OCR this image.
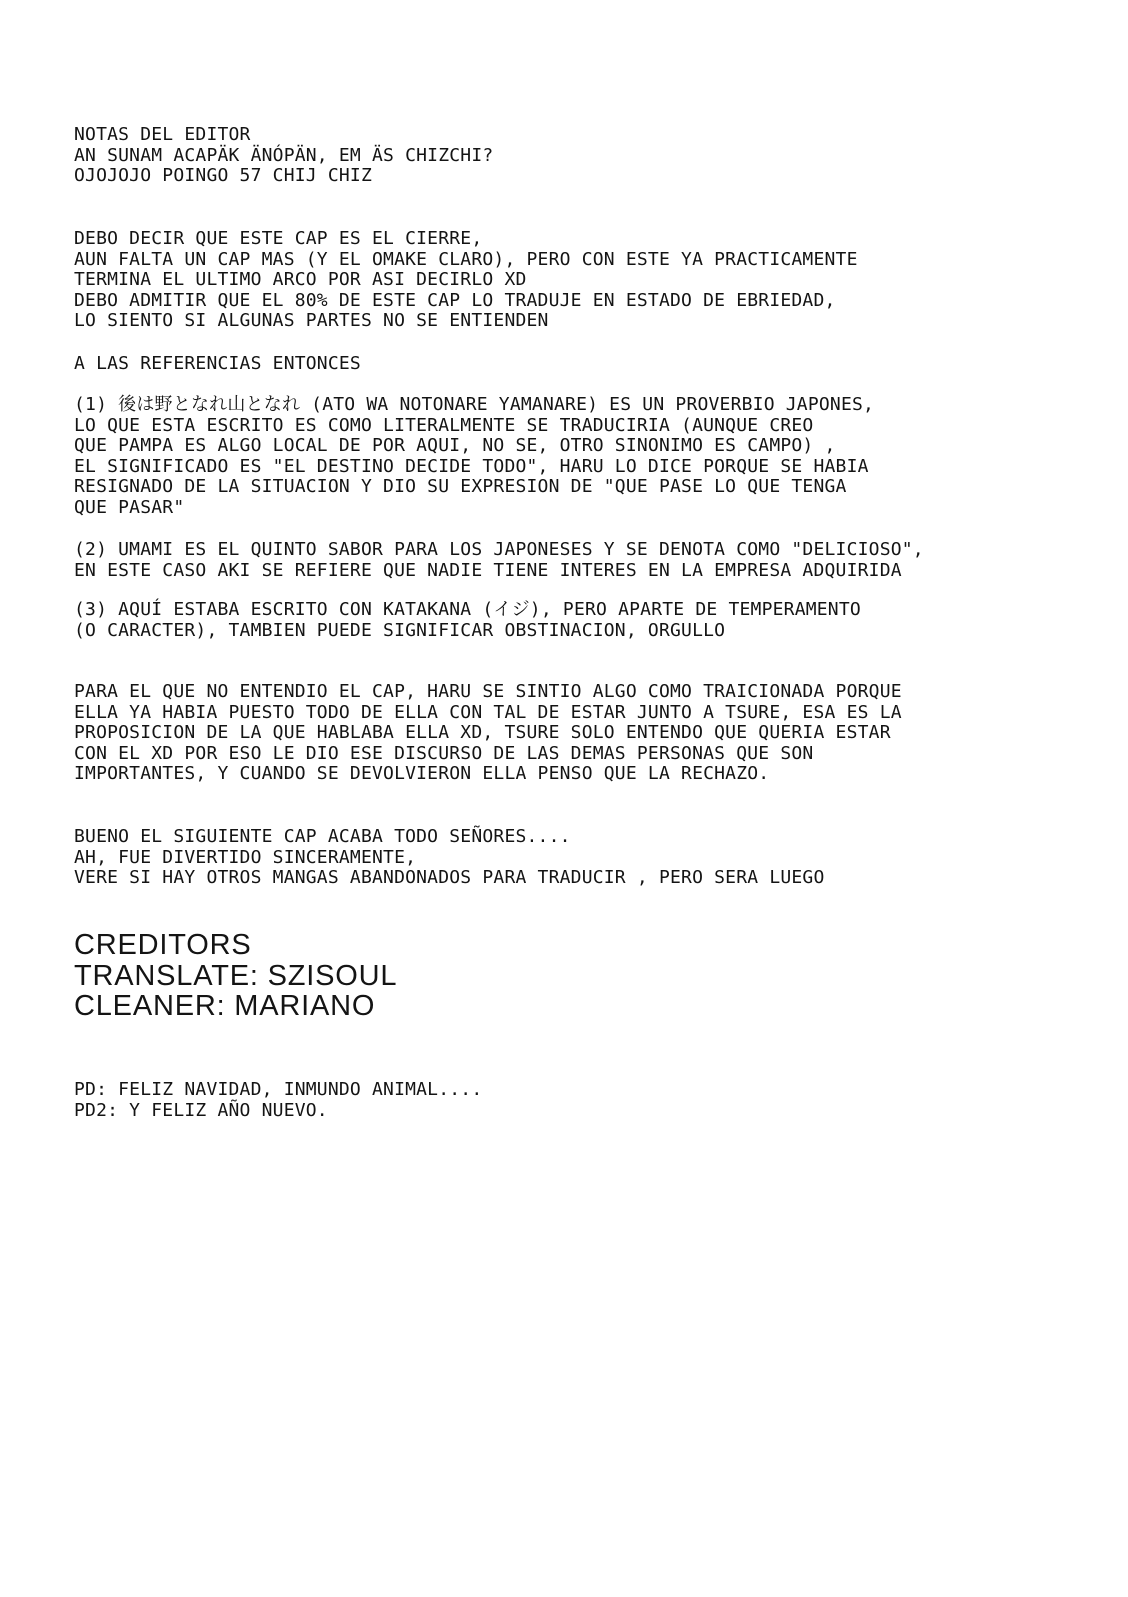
NOTAS DEL EDITOR
AN SUNAM ACAPÄK ÄNÓPÄN, EM ÄS CHIZCHI?
OJOJOJO POINGO 57 CHIJ CHIZ
DEBO DECIR QUE ESTE CAP ES EL CIERRE,
AUN FALTA UN CAP MAS (Y EL OMAKE CLARO), PERO CON ESTE YA PRACTICAMENTE
TERMINA EL ULTIMO ARCO POR ASI DECIRLO XD
DEBO ADMITIR QUE EL 80% DE ESTE CAP LO TRADUJE EN ESTADO DE EBRIEDAD,
LO SIENTO SI ALGUNAS PARTES NO SE ENTIENDEN
A LAS REFERENCIAS ENTONCES
(1) 後は野となれ山となれ (ATO WA NOTONARE YAMANARE) ES UN PROVERBIO JAPONES,
LO QUE ESTA ESCRITO ES COMO LITERALMENTE SE TRADUCIRIA (AUNQUE CREO
QUE PAMPA ES ALGO LOCAL DE POR AQUI, NO SE, OTRO SINONIMO ES CAMPO) ,
EL SIGNIFICADO ES "EL DESTINO DECIDE TODO", HARU LO DICE PORQUE SE HABIA
RESIGNADO DE LA SITUACION Y DIO SU EXPRESION DE "QUE PASE LO QUE TENGA
QUE PASAR"
(2) UMAMI ES EL QUINTO SABOR PARA LOS JAPONESES Y SE DENOTA COMO "DELICIOSO",
EN ESTE CASO AKI SE REFIERE QUE NADIE TIENE INTERES EN LA EMPRESA ADQUIRIDA
(3) AQUÍ ESTABA ESCRITO CON KATAKANA (イジ), PERO APARTE DE TEMPERAMENTO
(O CARACTER), TAMBIEN PUEDE SIGNIFICAR OBSTINACION, ORGULLO
PARA EL QUE NO ENTENDIO EL CAP, HARU SE SINTIO ALGO COMO TRAICIONADA PORQUE
ELLA YA HABIA PUESTO TODO DE ELLA CON TAL DE ESTAR JUNTO A TSURE, ESA ES LA
PROPOSICION DE LA QUE HABLABA ELLA XD, TSURE SOLO ENTENDO QUE QUERIA ESTAR
CON EL XD POR ESO LE DIO ESE DISCURSO DE LAS DEMAS PERSONAS QUE SON
IMPORTANTES, Y CUANDO SE DEVOLVIERON ELLA PENSO QUE LA RECHAZO.
BUENO EL SIGUIENTE CAP ACABA TODO SEÑORES....
AH, FUE DIVERTIDO SINCERAMENTE,
VERE SI HAY OTROS MANGAS ABANDONADOS PARA TRADUCIR , PERO SERA LUEGO
CREDITORS
TRANSLATE: SZISOUL
CLEANER: MARIANO
PD: FELIZ NAVIDAD, INMUNDO ANIMAL....
PD2: Y FELIZ AÑO NUEVO.
